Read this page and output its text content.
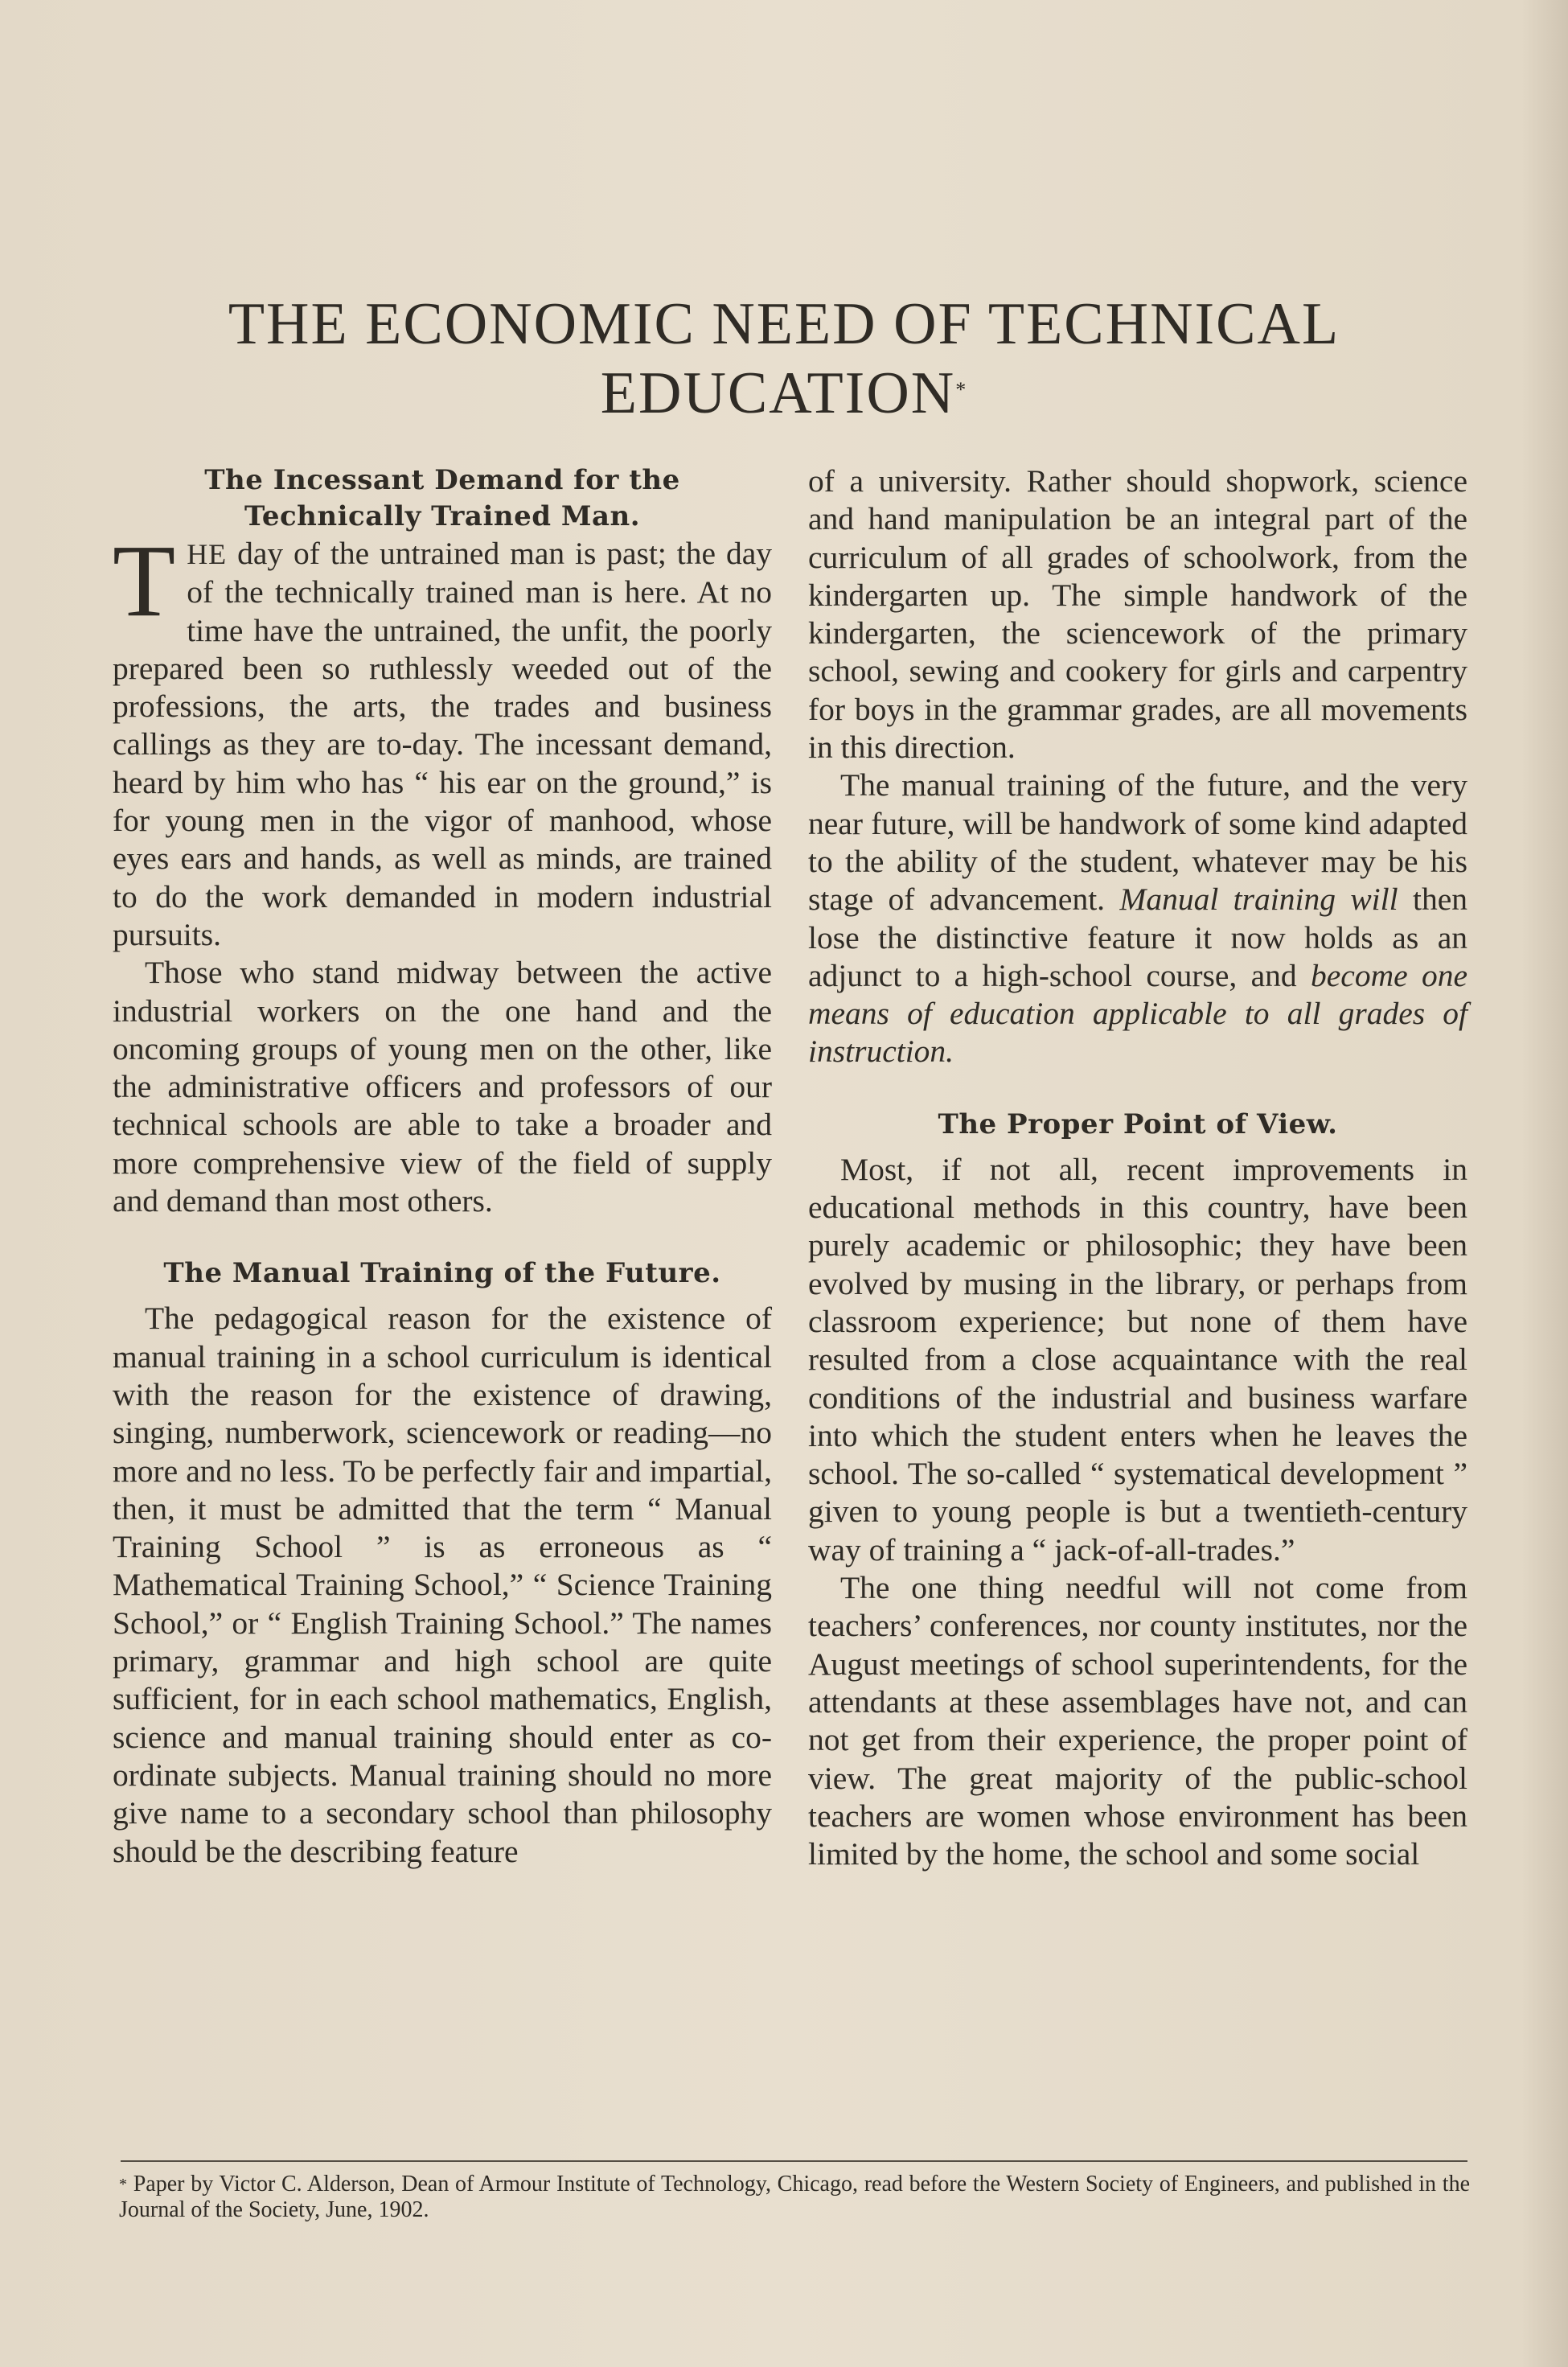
THE ECONOMIC NEED OF TECHNICAL
EDUCATION*
The Incessant Demand for the Technically Trained Man.

THE day of the untrained man is past; the day of the technically trained man is here. At no time have the untrained, the unfit, the poorly prepared been so ruthlessly weeded out of the professions, the arts, the trades and business callings as they are to-day. The incessant demand, heard by him who has “ his ear on the ground,” is for young men in the vigor of manhood, whose eyes ears and hands, as well as minds, are trained to do the work demanded in modern industrial pursuits.

Those who stand midway between the active industrial workers on the one hand and the oncoming groups of young men on the other, like the administrative officers and professors of our technical schools are able to take a broader and more comprehensive view of the field of supply and demand than most others.

The Manual Training of the Future.

The pedagogical reason for the existence of manual training in a school curriculum is identical with the reason for the existence of drawing, singing, numberwork, sciencework or reading—no more and no less. To be perfectly fair and impartial, then, it must be admitted that the term “ Manual Training School ” is as erroneous as “ Mathematical Training School,” “ Science Training School,” or “ English Training School.” The names primary, grammar and high school are quite sufficient, for in each school mathematics, English, science and manual training should enter as co-ordinate subjects. Manual training should no more give name to a secondary school than philosophy should be the describing feature

of a university. Rather should shopwork, science and hand manipulation be an integral part of the curriculum of all grades of schoolwork, from the kindergarten up. The simple handwork of the kindergarten, the sciencework of the primary school, sewing and cookery for girls and carpentry for boys in the grammar grades, are all movements in this direction.

The manual training of the future, and the very near future, will be handwork of some kind adapted to the ability of the student, whatever may be his stage of advancement. Manual training will then lose the distinctive feature it now holds as an adjunct to a high-school course, and become one means of education applicable to all grades of instruction.

The Proper Point of View.

Most, if not all, recent improvements in educational methods in this country, have been purely academic or philosophic; they have been evolved by musing in the library, or perhaps from classroom experience; but none of them have resulted from a close acquaintance with the real conditions of the industrial and business warfare into which the student enters when he leaves the school. The so-called “ systematical development ” given to young people is but a twentieth-century way of training a “ jack-of-all-trades.”

The one thing needful will not come from teachers’ conferences, nor county institutes, nor the August meetings of school superintendents, for the attendants at these assemblages have not, and can not get from their experience, the proper point of view. The great majority of the public-school teachers are women whose environment has been limited by the home, the school and some social

* Paper by Victor C. Alderson, Dean of Armour Institute of Technology, Chicago, read before the Western Society of Engineers, and published in the Journal of the Society, June, 1902.
